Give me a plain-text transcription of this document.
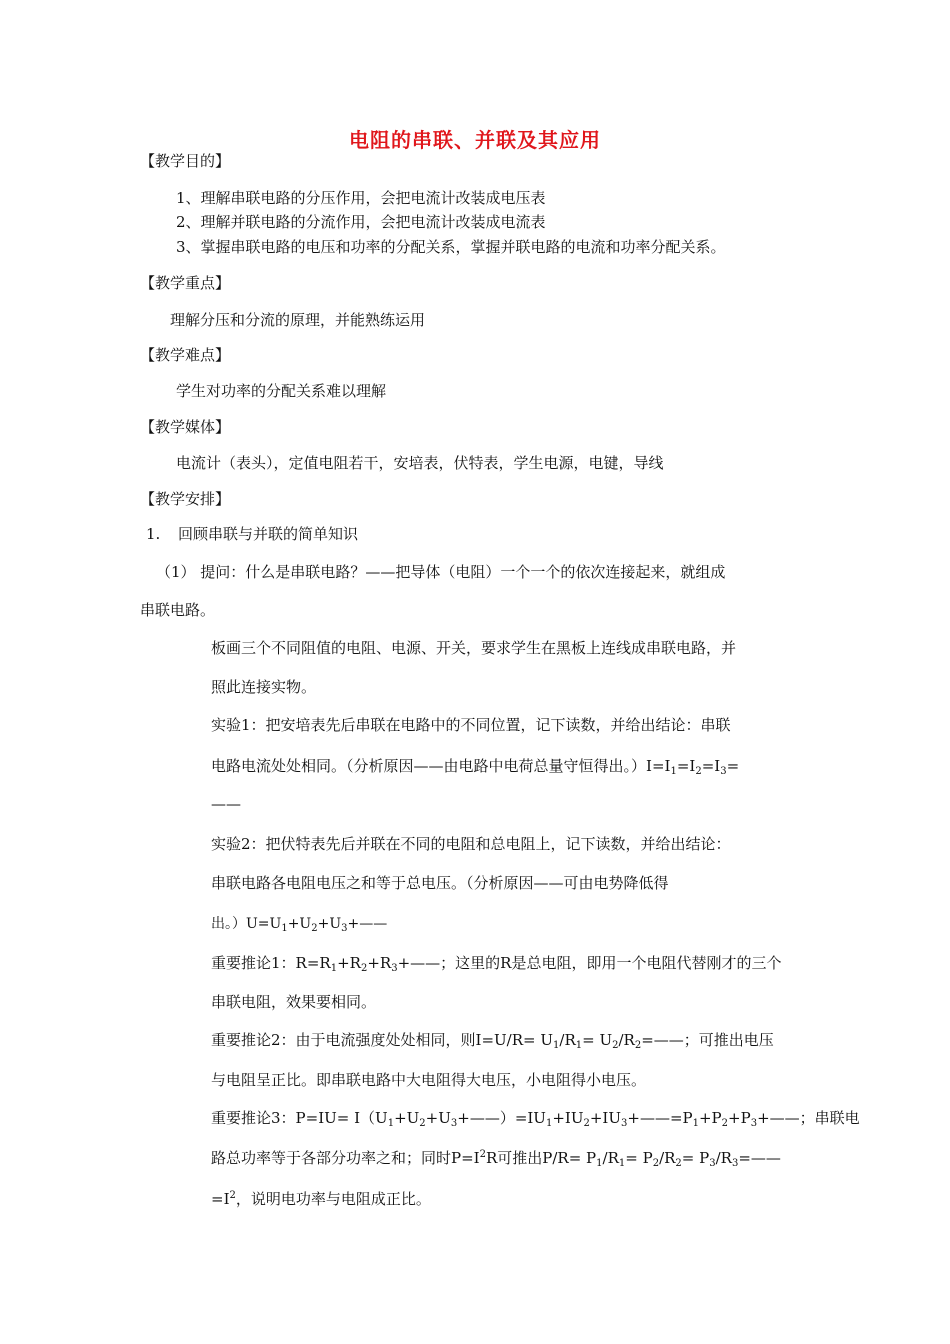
电阻的串联、并联及其应用
【教学目的】
1、理解串联电路的分压作用，会把电流计改装成电压表
2、理解并联电路的分流作用，会把电流计改装成电流表
3、掌握串联电路的电压和功率的分配关系，掌握并联电路的电流和功率分配关系。
【教学重点】
理解分压和分流的原理，并能熟练运用
【教学难点】
学生对功率的分配关系难以理解
【教学媒体】
电流计（表头），定值电阻若干，安培表，伏特表，学生电源，电键，导线
【教学安排】
1. 回顾串联与并联的简单知识
（1） 提问：什么是串联电路？——把导体（电阻）一个一个的依次连接起来，就组成
串联电路。
板画三个不同阻值的电阻、电源、开关，要求学生在黑板上连线成串联电路，并
照此连接实物。
实验1：把安培表先后串联在电路中的不同位置，记下读数，并给出结论：串联
电路电流处处相同。（分析原因——由电路中电荷总量守恒得出。）$I=I_1=I_2=I_3=$
——
实验2：把伏特表先后并联在不同的电阻和总电阻上，记下读数，并给出结论：
串联电路各电阻电压之和等于总电压。（分析原因——可由电势降低得
出。）$U=U_1+U_2+U_3+——$
重要推论1：$R=R_1+R_2+R_3+——$；这里的R是总电阻，即用一个电阻代替刚才的三个
串联电阻，效果要相同。
重要推论2：由于电流强度处处相同，则$I=U/R= U_1/R_1=$ $U_2/R_2=——$；可推出电压
与电阻呈正比。即串联电路中大电阻得大电压，小电阻得小电压。
重要推论3：$P=IU= I(U_1+U_2+U_3+——)=IU_1+IU_2+IU_3+——=P_1+P_2+P_3+——$；串联电
路总功率等于各部分功率之和；同时$P=I^2R$可推出$P/R= P_1/R_1= P_2/R_2=$ $P_3/R_3=——$
$=I^2$，说明电功率与电阻成正比。
